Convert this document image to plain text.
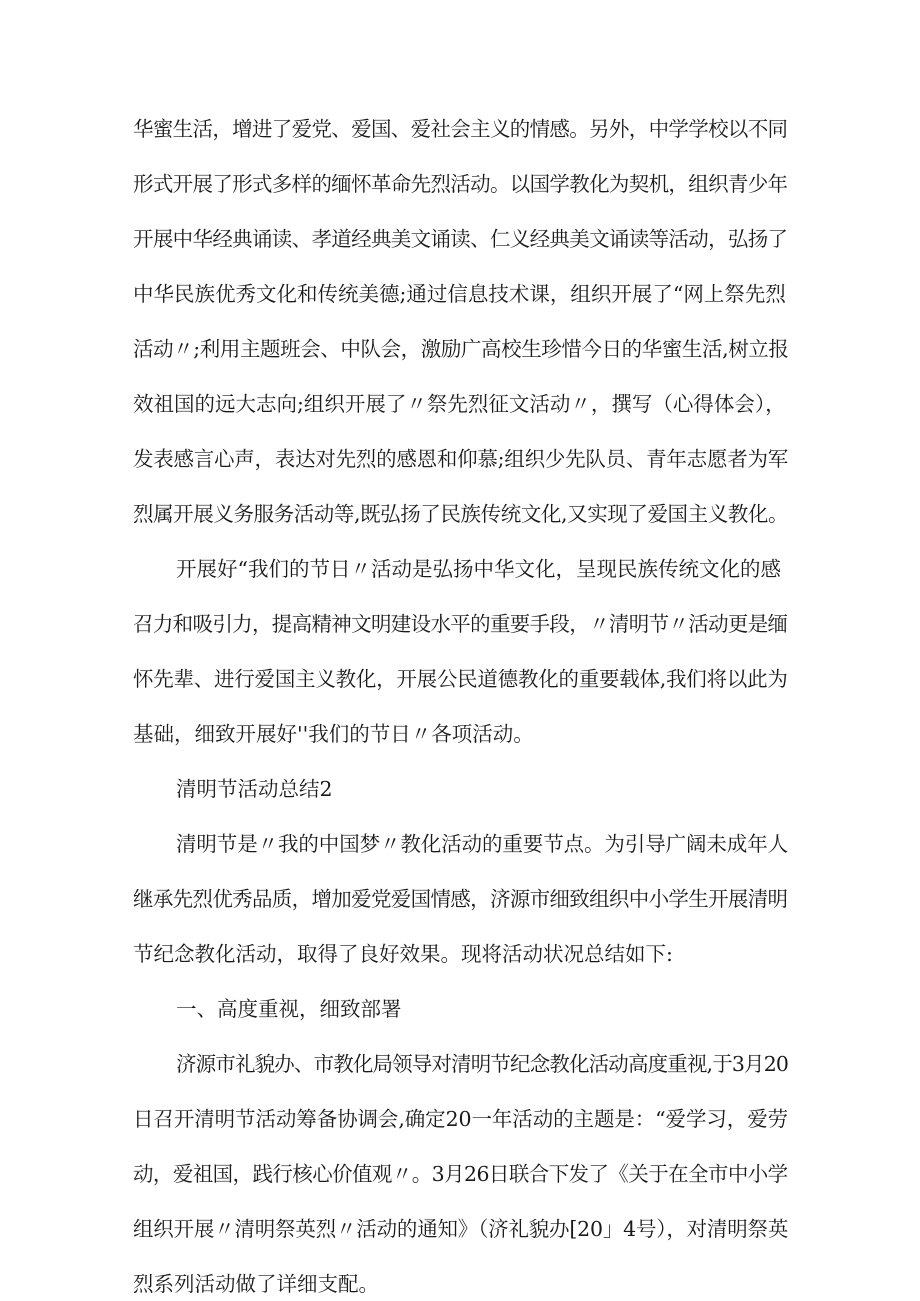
华蜜生活，增进了爱党、爱国、爱社会主义的情感。另外，中学学校以不同

形式开展了形式多样的缅怀革命先烈活动。以国学教化为契机，组织青少年

开展中华经典诵读、孝道经典美文诵读、仁义经典美文诵读等活动，弘扬了

中华民族优秀文化和传统美德;通过信息技术课，组织开展了“网上祭先烈

活动〃;利用主题班会、中队会，激励广高校生珍惜今日的华蜜生活,树立报

效祖国的远大志向;组织开展了〃祭先烈征文活动〃，撰写（心得体会），

发表感言心声，表达对先烈的感恩和仰慕;组织少先队员、青年志愿者为军

烈属开展义务服务活动等,既弘扬了民族传统文化,又实现了爱国主义教化。

开展好“我们的节日〃活动是弘扬中华文化，呈现民族传统文化的感

召力和吸引力，提高精神文明建设水平的重要手段，〃清明节〃活动更是缅

怀先辈、进行爱国主义教化，开展公民道德教化的重要载体,我们将以此为

基础，细致开展好''我们的节日〃各项活动。

清明节活动总结2

清明节是〃我的中国梦〃教化活动的重要节点。为引导广阔未成年人

继承先烈优秀品质，增加爱党爱国情感，济源市细致组织中小学生开展清明

节纪念教化活动，取得了良好效果。现将活动状况总结如下:

一、高度重视，细致部署

济源市礼貌办、市教化局领导对清明节纪念教化活动高度重视,于3月20

日召开清明节活动筹备协调会,确定20一年活动的主题是：“爱学习，爱劳

动，爱祖国，践行核心价值观〃。3月26日联合下发了《关于在全市中小学

组织开展〃清明祭英烈〃活动的通知》（济礼貌办[20」4号），对清明祭英

烈系列活动做了详细支配。
